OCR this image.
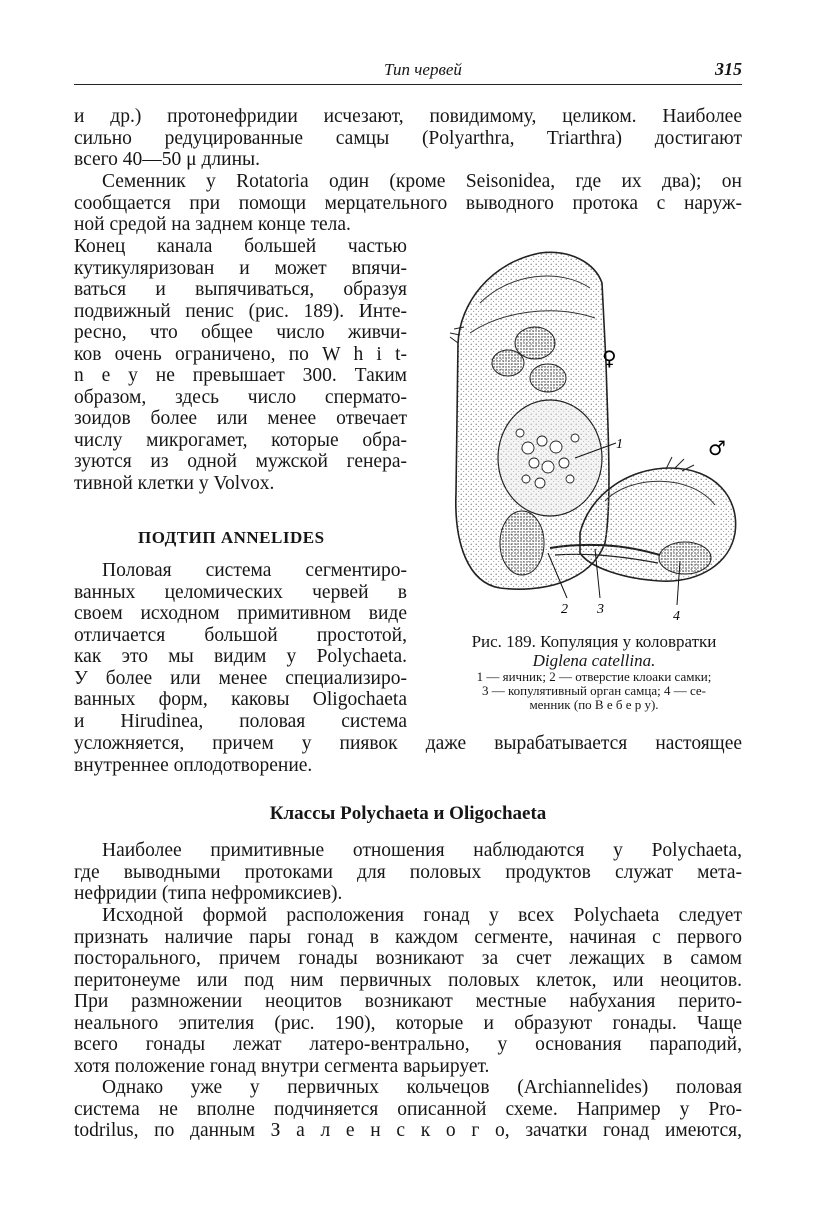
Тип червей	315
и др.) протонефридии исчезают, повидимому, целиком. Наиболее
сильно редуцированные самцы (Polyarthra, Triarthra) достигают
всего 40—50 μ длины.
Семенник у Rotatoria один (кроме Seisonidea, где их два); он
сообщается при помощи мерцательного выводного протока с наруж-
ной средой на заднем конце тела.
Конец канала большей частью
кутикуляризован и может впячи-
ваться и выпячиваться, образуя
подвижный пенис (рис. 189). Инте-
ресно, что общее число живчи-
ков очень ограничено, по W h i t-
n e y не превышает 300. Таким
образом, здесь число спермато-
зоидов более или менее отвечает
числу микрогамет, которые обра-
зуются из одной мужской генера-
тивной клетки у Volvox.
ПОДТИП ANNELIDES
Половая система сегментиро-
ванных целомических червей в
своем исходном примитивном виде
отличается большой простотой,
как это мы видим у Polychaeta.
У более или менее специализиро-
ванных форм, каковы Oligochaeta
и Hirudinea, половая система
усложняется, причем у пиявок даже вырабатывается настоящее
внутреннее оплодотворение.
Классы Polychaeta и Oligochaeta
Наиболее примитивные отношения наблюдаются у Polychaeta,
где выводными протоками для половых продуктов служат мета-
нефридии (типа нефромиксиев).
Исходной формой расположения гонад у всех Polychaeta следует
признать наличие пары гонад в каждом сегменте, начиная с первого
посторального, причем гонады возникают за счет лежащих в самом
перитонеуме или под ним первичных половых клеток, или неоцитов.
При размножении неоцитов возникают местные набухания перито-
неального эпителия (рис. 190), которые и образуют гонады. Чаще
всего гонады лежат латеро-вентрально, у основания параподий,
хотя положение гонад внутри сегмента варьирует.
Однако уже у первичных кольчецов (Archiannelides) половая
система не вполне подчиняется описанной схеме. Например у Pro-
todrilus, по данным З а л е н с к о г о, зачатки гонад имеются,
♀
♂
1
2 3	4
Рис. 189. Копуляция у коловратки
Diglena catellina.
1 — яичник; 2 — отверстие клоаки самки;
3 — копулятивный орган самца; 4 — се-
менник (по В е б е р у).
